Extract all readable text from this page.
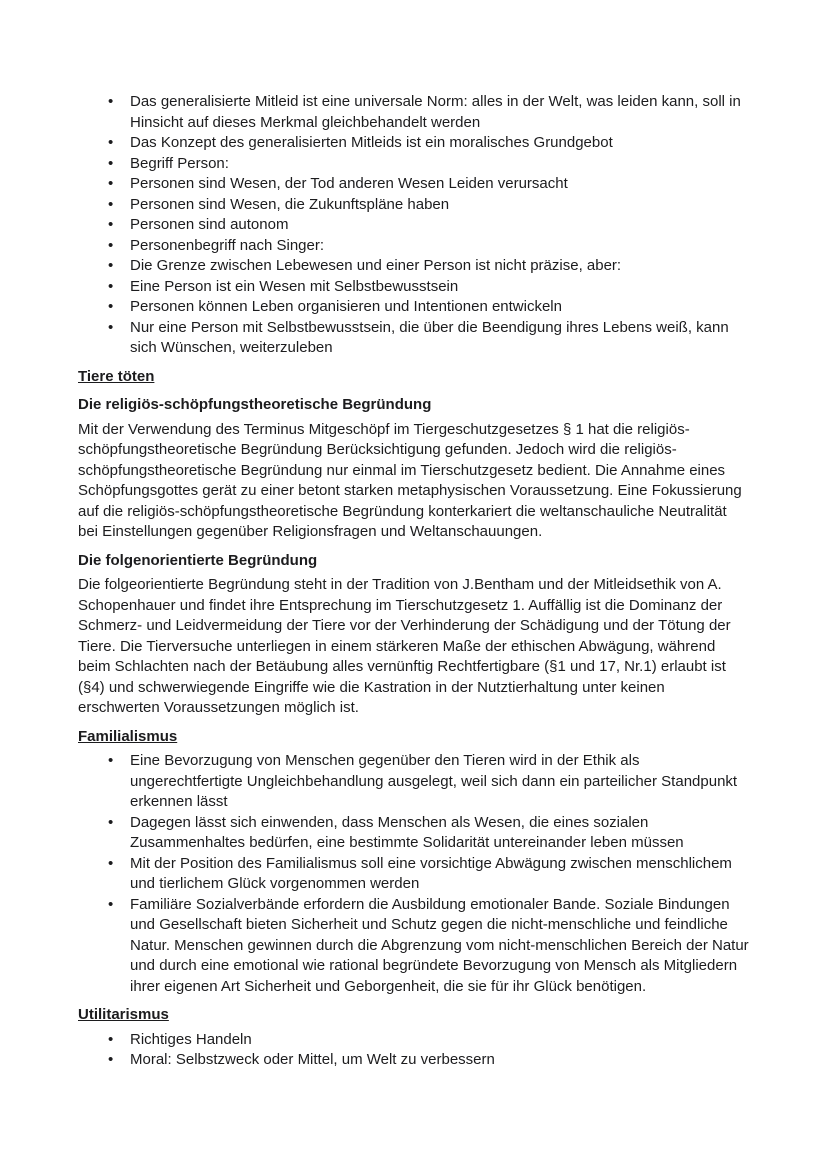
•
Das generalisierte Mitleid ist eine universale Norm: alles in der Welt, was leiden kann, soll in Hinsicht auf dieses Merkmal gleichbehandelt werden
•
Das Konzept des generalisierten Mitleids ist ein moralisches Grundgebot
•
Begriff Person:
•
Personen sind Wesen, der Tod anderen Wesen Leiden verursacht
•
Personen sind Wesen, die Zukunftspläne haben
•
Personen sind autonom
•
Personenbegriff nach Singer:
•
Die Grenze zwischen Lebewesen und einer Person ist nicht präzise, aber:
•
Eine Person ist ein Wesen mit Selbstbewusstsein
•
Personen können Leben organisieren und Intentionen entwickeln
•
Nur eine Person mit Selbstbewusstsein, die über die Beendigung ihres Lebens weiß, kann sich Wünschen, weiterzuleben
Tiere töten
Die religiös-schöpfungstheoretische Begründung

Mit der Verwendung des Terminus Mitgeschöpf im Tiergeschutzgesetzes § 1 hat die religiös-schöpfungstheoretische Begründung Berücksichtigung gefunden. Jedoch wird die religiös-schöpfungstheoretische Begründung nur einmal im Tierschutzgesetz bedient. Die Annahme eines Schöpfungsgottes gerät zu einer betont starken metaphysischen Voraussetzung. Eine Fokussierung auf die religiös-schöpfungstheoretische Begründung konterkariert die weltanschauliche Neutralität bei Einstellungen gegenüber Religionsfragen und Weltanschauungen.

Die folgenorientierte Begründung

Die folgeorientierte Begründung steht in der Tradition von J.Bentham und der Mitleidsethik von A. Schopenhauer und findet ihre Entsprechung im Tierschutzgesetz 1. Auffällig ist die Dominanz der Schmerz- und Leidvermeidung der Tiere vor der Verhinderung der Schädigung und der Tötung der Tiere. Die Tierversuche unterliegen in einem stärkeren Maße der ethischen Abwägung, während beim Schlachten nach der Betäubung alles vernünftig Rechtfertigbare (§1 und 17, Nr.1) erlaubt ist (§4) und schwerwiegende Eingriffe wie die Kastration in der Nutztierhaltung unter keinen erschwerten Voraussetzungen möglich ist.

Familialismus
•
Eine Bevorzugung von Menschen gegenüber den Tieren wird in der Ethik als ungerechtfertigte Ungleichbehandlung ausgelegt, weil sich dann ein parteilicher Standpunkt erkennen lässt
•
Dagegen lässt sich einwenden, dass Menschen als Wesen, die eines sozialen Zusammenhaltes bedürfen, eine bestimmte Solidarität untereinander leben müssen
•
Mit der Position des Familialismus soll eine vorsichtige Abwägung zwischen menschlichem und tierlichem Glück vorgenommen werden
•
Familiäre Sozialverbände erfordern die Ausbildung emotionaler Bande. Soziale Bindungen und Gesellschaft bieten Sicherheit und Schutz gegen die nicht-menschliche und feindliche Natur. Menschen gewinnen durch die Abgrenzung vom nicht-menschlichen Bereich der Natur und durch eine emotional wie rational begründete Bevorzugung von Mensch als Mitgliedern ihrer eigenen Art Sicherheit und Geborgenheit, die sie für ihr Glück benötigen.
Utilitarismus
•
Richtiges Handeln
•
Moral: Selbstzweck oder Mittel, um Welt zu verbessern
